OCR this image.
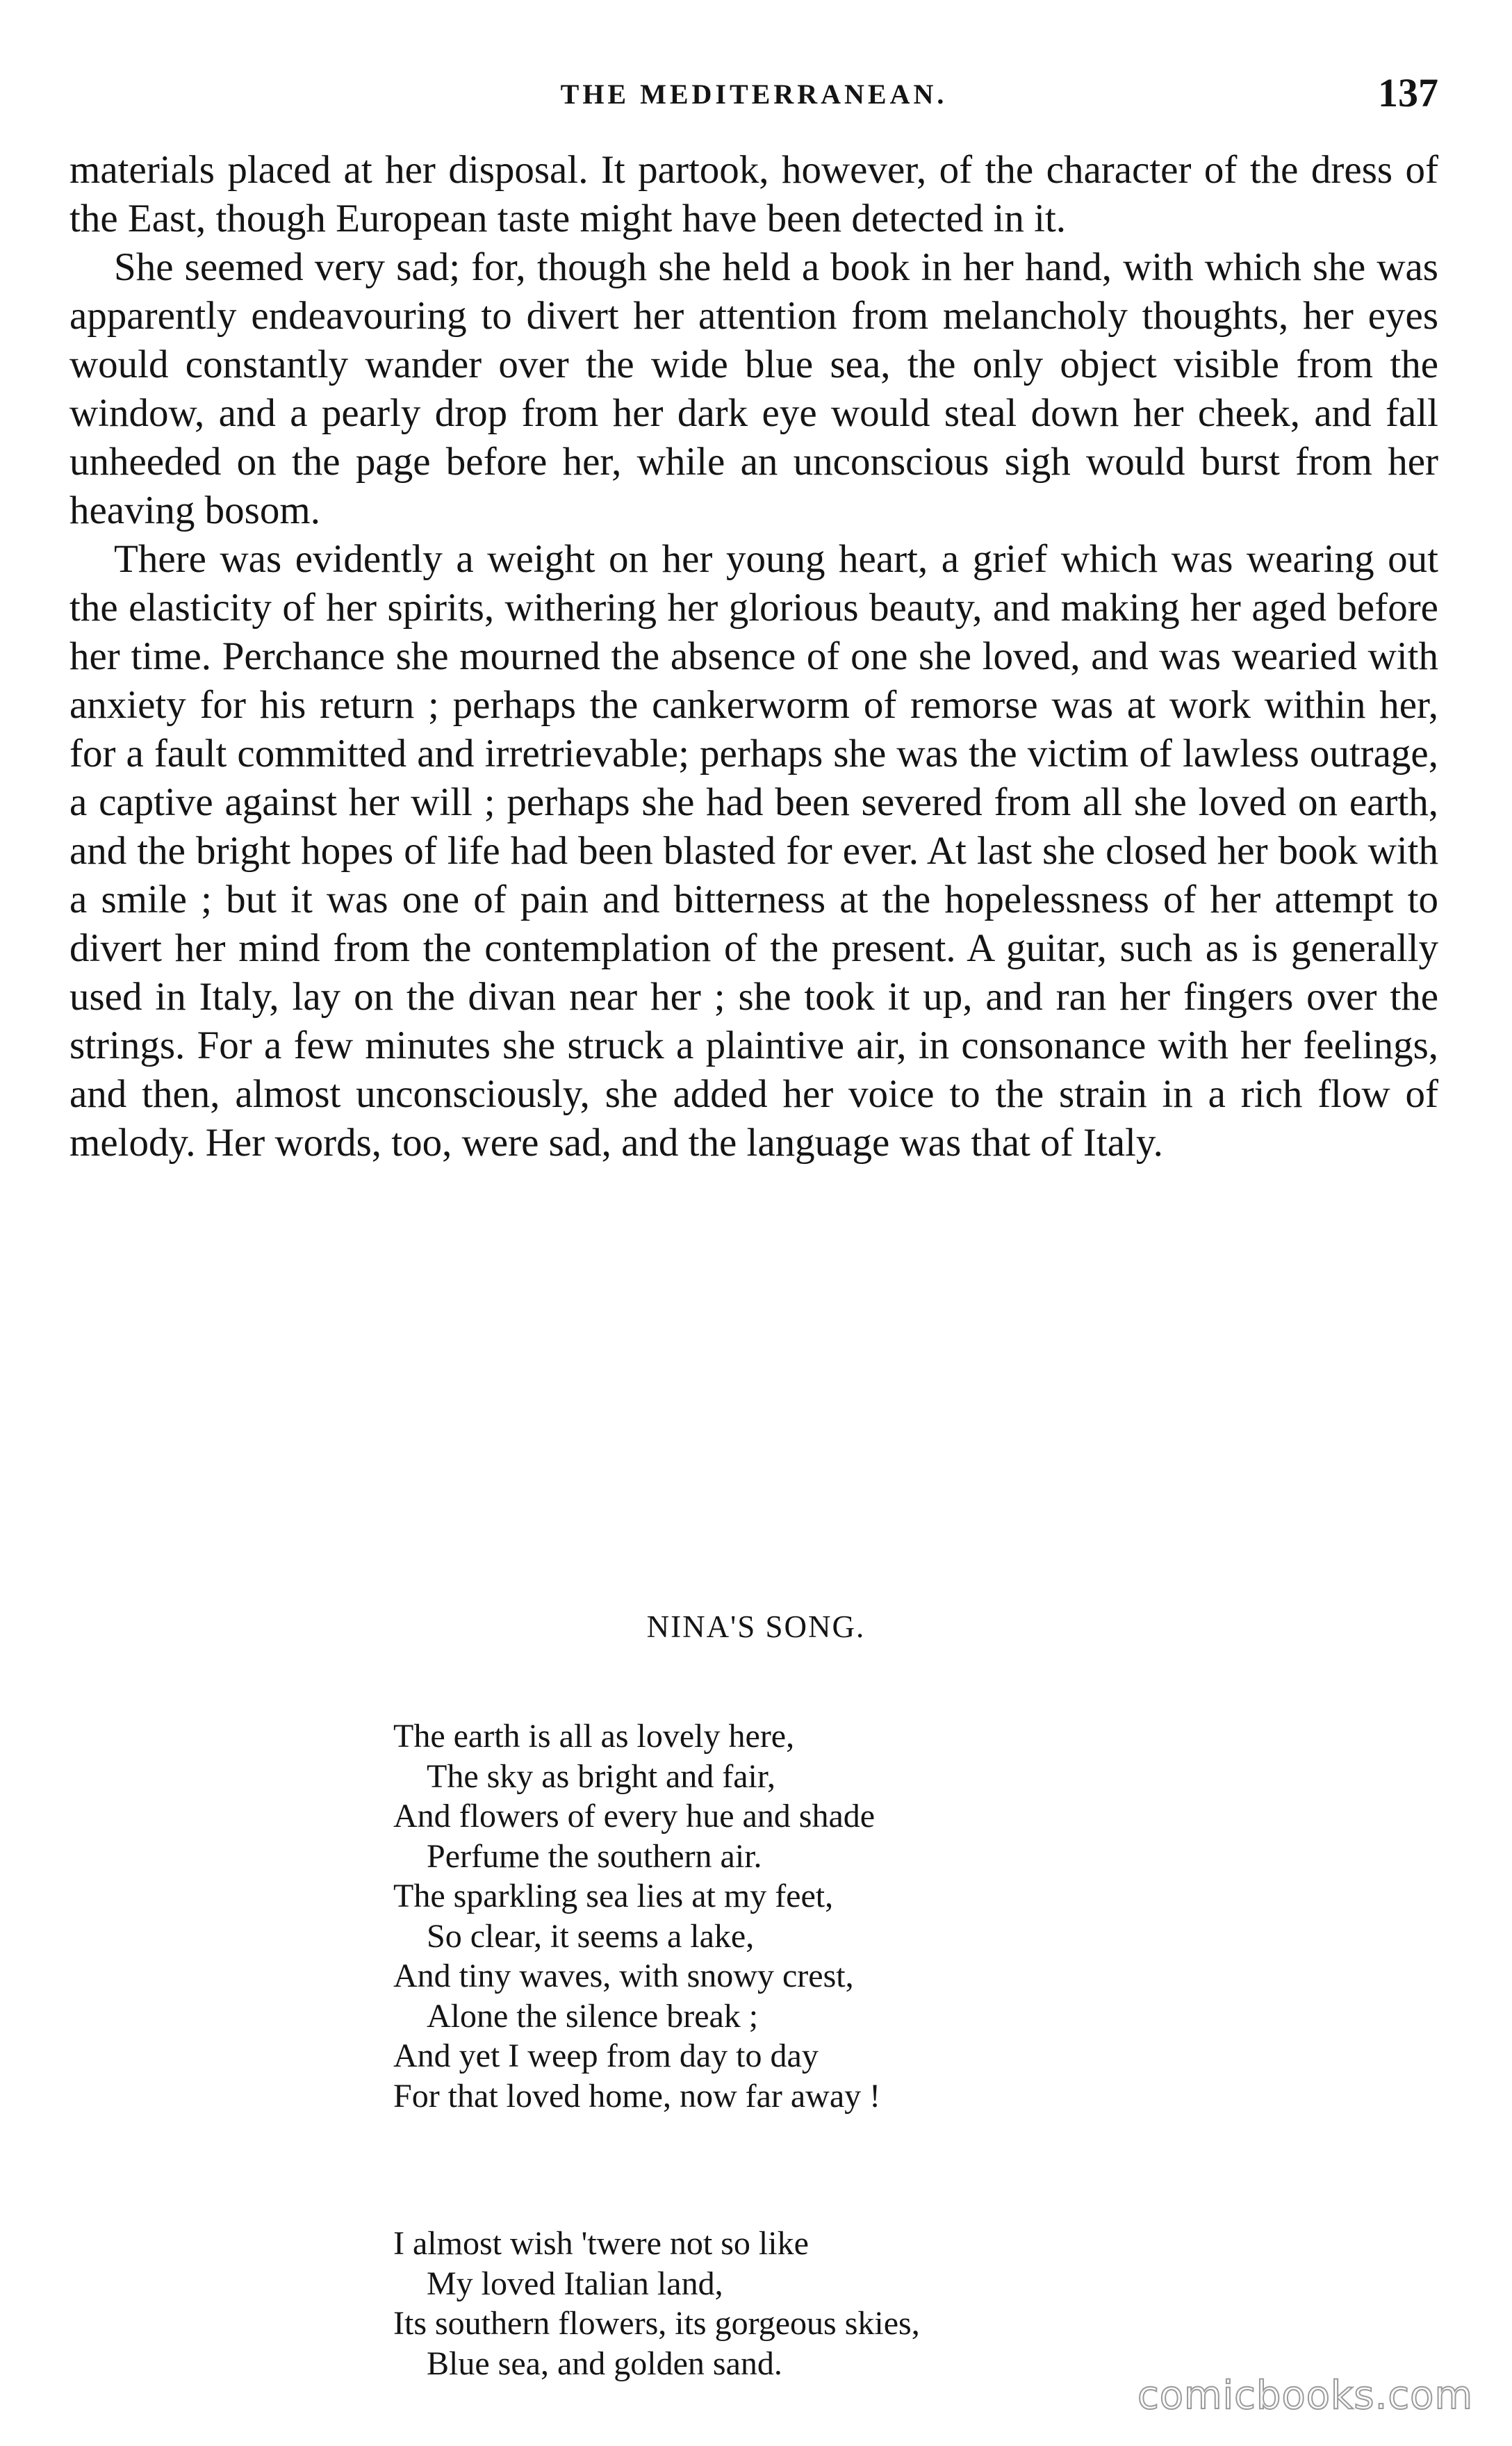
THE MEDITERRANEAN.	137

materials placed at her disposal. It partook, however, of the character of the dress of the East, though European taste might have been detected in it.

She seemed very sad; for, though she held a book in her hand, with which she was apparently endeavouring to divert her attention from melancholy thoughts, her eyes would constantly wander over the wide blue sea, the only object visible from the window, and a pearly drop from her dark eye would steal down her cheek, and fall unheeded on the page before her, while an unconscious sigh would burst from her heaving bosom.

There was evidently a weight on her young heart, a grief which was wearing out the elasticity of her spirits, withering her glorious beauty, and making her aged before her time. Perchance she mourned the absence of one she loved, and was wearied with anxiety for his return ; perhaps the cankerworm of remorse was at work within her, for a fault committed and irretrievable; perhaps she was the victim of lawless outrage, a captive against her will ; perhaps she had been severed from all she loved on earth, and the bright hopes of life had been blasted for ever. At last she closed her book with a smile ; but it was one of pain and bitterness at the hopelessness of her attempt to divert her mind from the contemplation of the present. A guitar, such as is generally used in Italy, lay on the divan near her ; she took it up, and ran her fingers over the strings. For a few minutes she struck a plaintive air, in consonance with her feelings, and then, almost unconsciously, she added her voice to the strain in a rich flow of melody. Her words, too, were sad, and the language was that of Italy.

NINA'S SONG.
The earth is all as lovely here,
The sky as bright and fair,
And flowers of every hue and shade
Perfume the southern air.
The sparkling sea lies at my feet,
So clear, it seems a lake,
And tiny waves, with snowy crest,
Alone the silence break ;
And yet I weep from day to day
For that loved home, now far away !
I almost wish 'twere not so like
My loved Italian land,
Its southern flowers, its gorgeous skies,
Blue sea, and golden sand.
comicbooks.com
